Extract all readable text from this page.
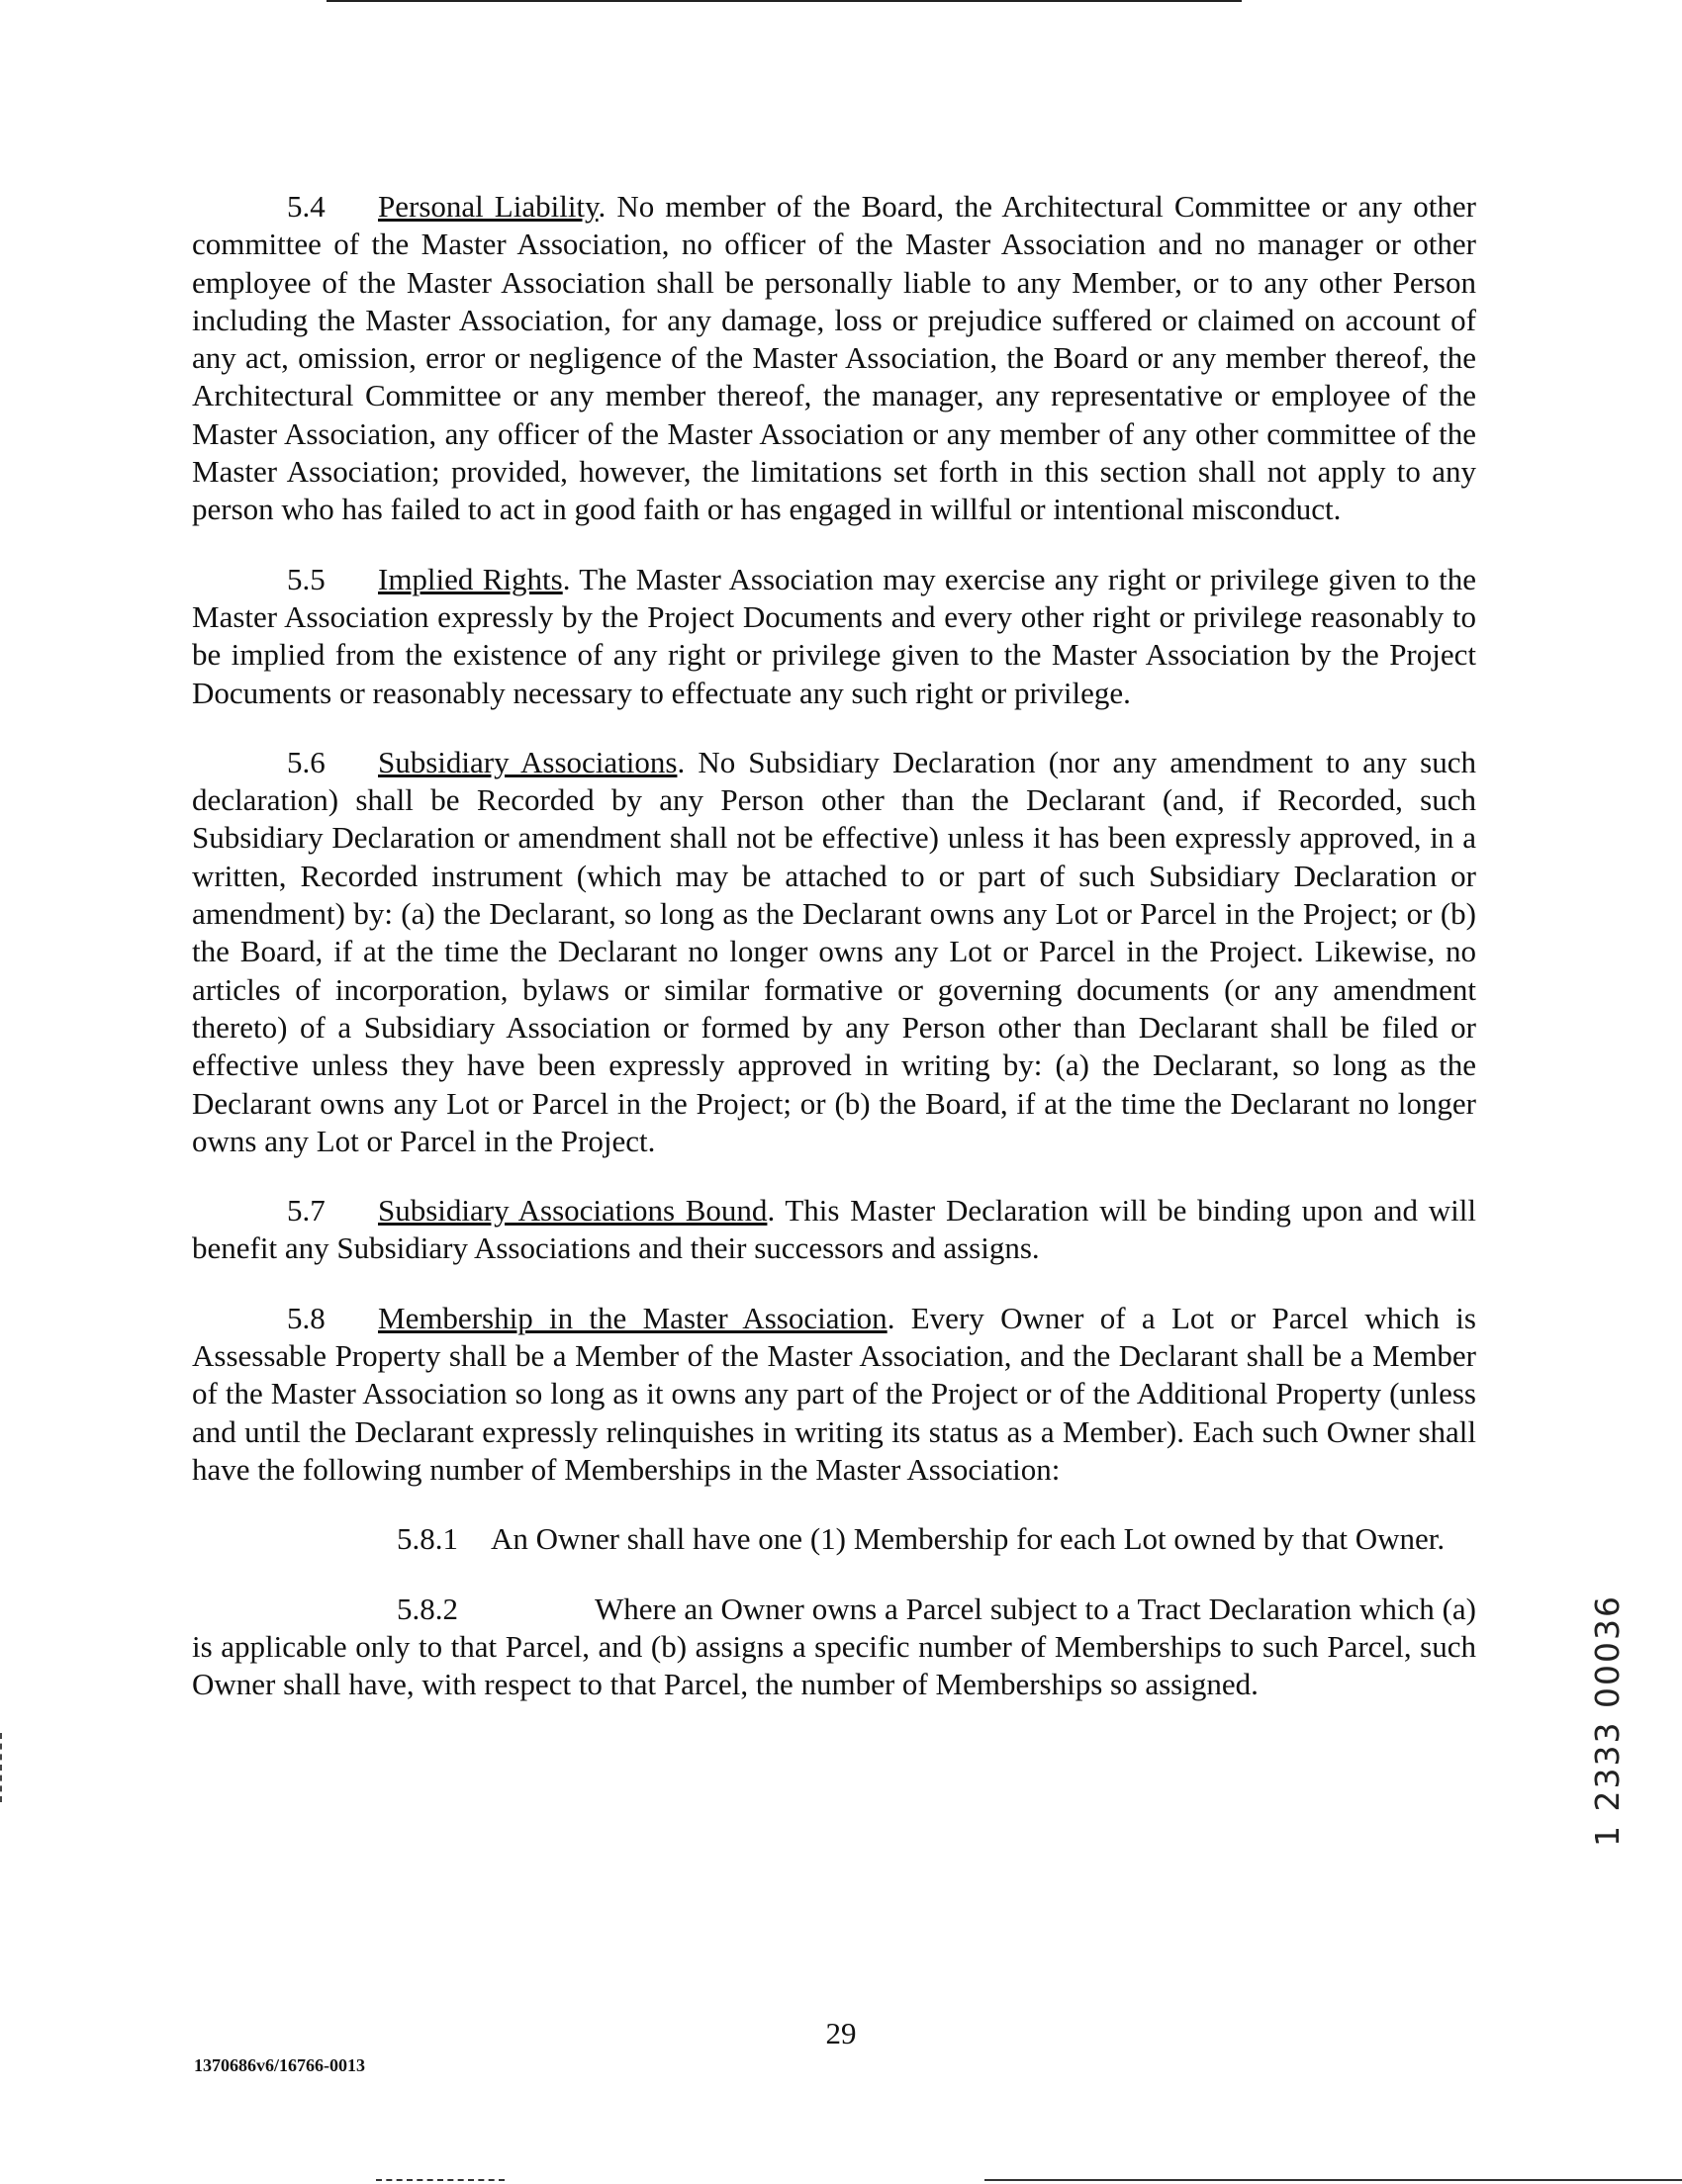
5.4 Personal Liability. No member of the Board, the Architectural Committee or any other committee of the Master Association, no officer of the Master Association and no manager or other employee of the Master Association shall be personally liable to any Member, or to any other Person including the Master Association, for any damage, loss or prejudice suffered or claimed on account of any act, omission, error or negligence of the Master Association, the Board or any member thereof, the Architectural Committee or any member thereof, the manager, any representative or employee of the Master Association, any officer of the Master Association or any member of any other committee of the Master Association; provided, however, the limitations set forth in this section shall not apply to any person who has failed to act in good faith or has engaged in willful or intentional misconduct.

5.5 Implied Rights. The Master Association may exercise any right or privilege given to the Master Association expressly by the Project Documents and every other right or privilege reasonably to be implied from the existence of any right or privilege given to the Master Association by the Project Documents or reasonably necessary to effectuate any such right or privilege.

5.6 Subsidiary Associations. No Subsidiary Declaration (nor any amendment to any such declaration) shall be Recorded by any Person other than the Declarant (and, if Recorded, such Subsidiary Declaration or amendment shall not be effective) unless it has been expressly approved, in a written, Recorded instrument (which may be attached to or part of such Subsidiary Declaration or amendment) by: (a) the Declarant, so long as the Declarant owns any Lot or Parcel in the Project; or (b) the Board, if at the time the Declarant no longer owns any Lot or Parcel in the Project. Likewise, no articles of incorporation, bylaws or similar formative or governing documents (or any amendment thereto) of a Subsidiary Association or formed by any Person other than Declarant shall be filed or effective unless they have been expressly approved in writing by: (a) the Declarant, so long as the Declarant owns any Lot or Parcel in the Project; or (b) the Board, if at the time the Declarant no longer owns any Lot or Parcel in the Project.

5.7 Subsidiary Associations Bound. This Master Declaration will be binding upon and will benefit any Subsidiary Associations and their successors and assigns.

5.8 Membership in the Master Association. Every Owner of a Lot or Parcel which is Assessable Property shall be a Member of the Master Association, and the Declarant shall be a Member of the Master Association so long as it owns any part of the Project or of the Additional Property (unless and until the Declarant expressly relinquishes in writing its status as a Member). Each such Owner shall have the following number of Memberships in the Master Association:

5.8.1 An Owner shall have one (1) Membership for each Lot owned by that Owner.

5.8.2	Where an Owner owns a Parcel subject to a Tract Declaration which (a) is applicable only to that Parcel, and (b) assigns a specific number of Memberships to such Parcel, such Owner shall have, with respect to that Parcel, the number of Memberships so assigned.	1 2333 00036
29
1370686v6/16766-0013
